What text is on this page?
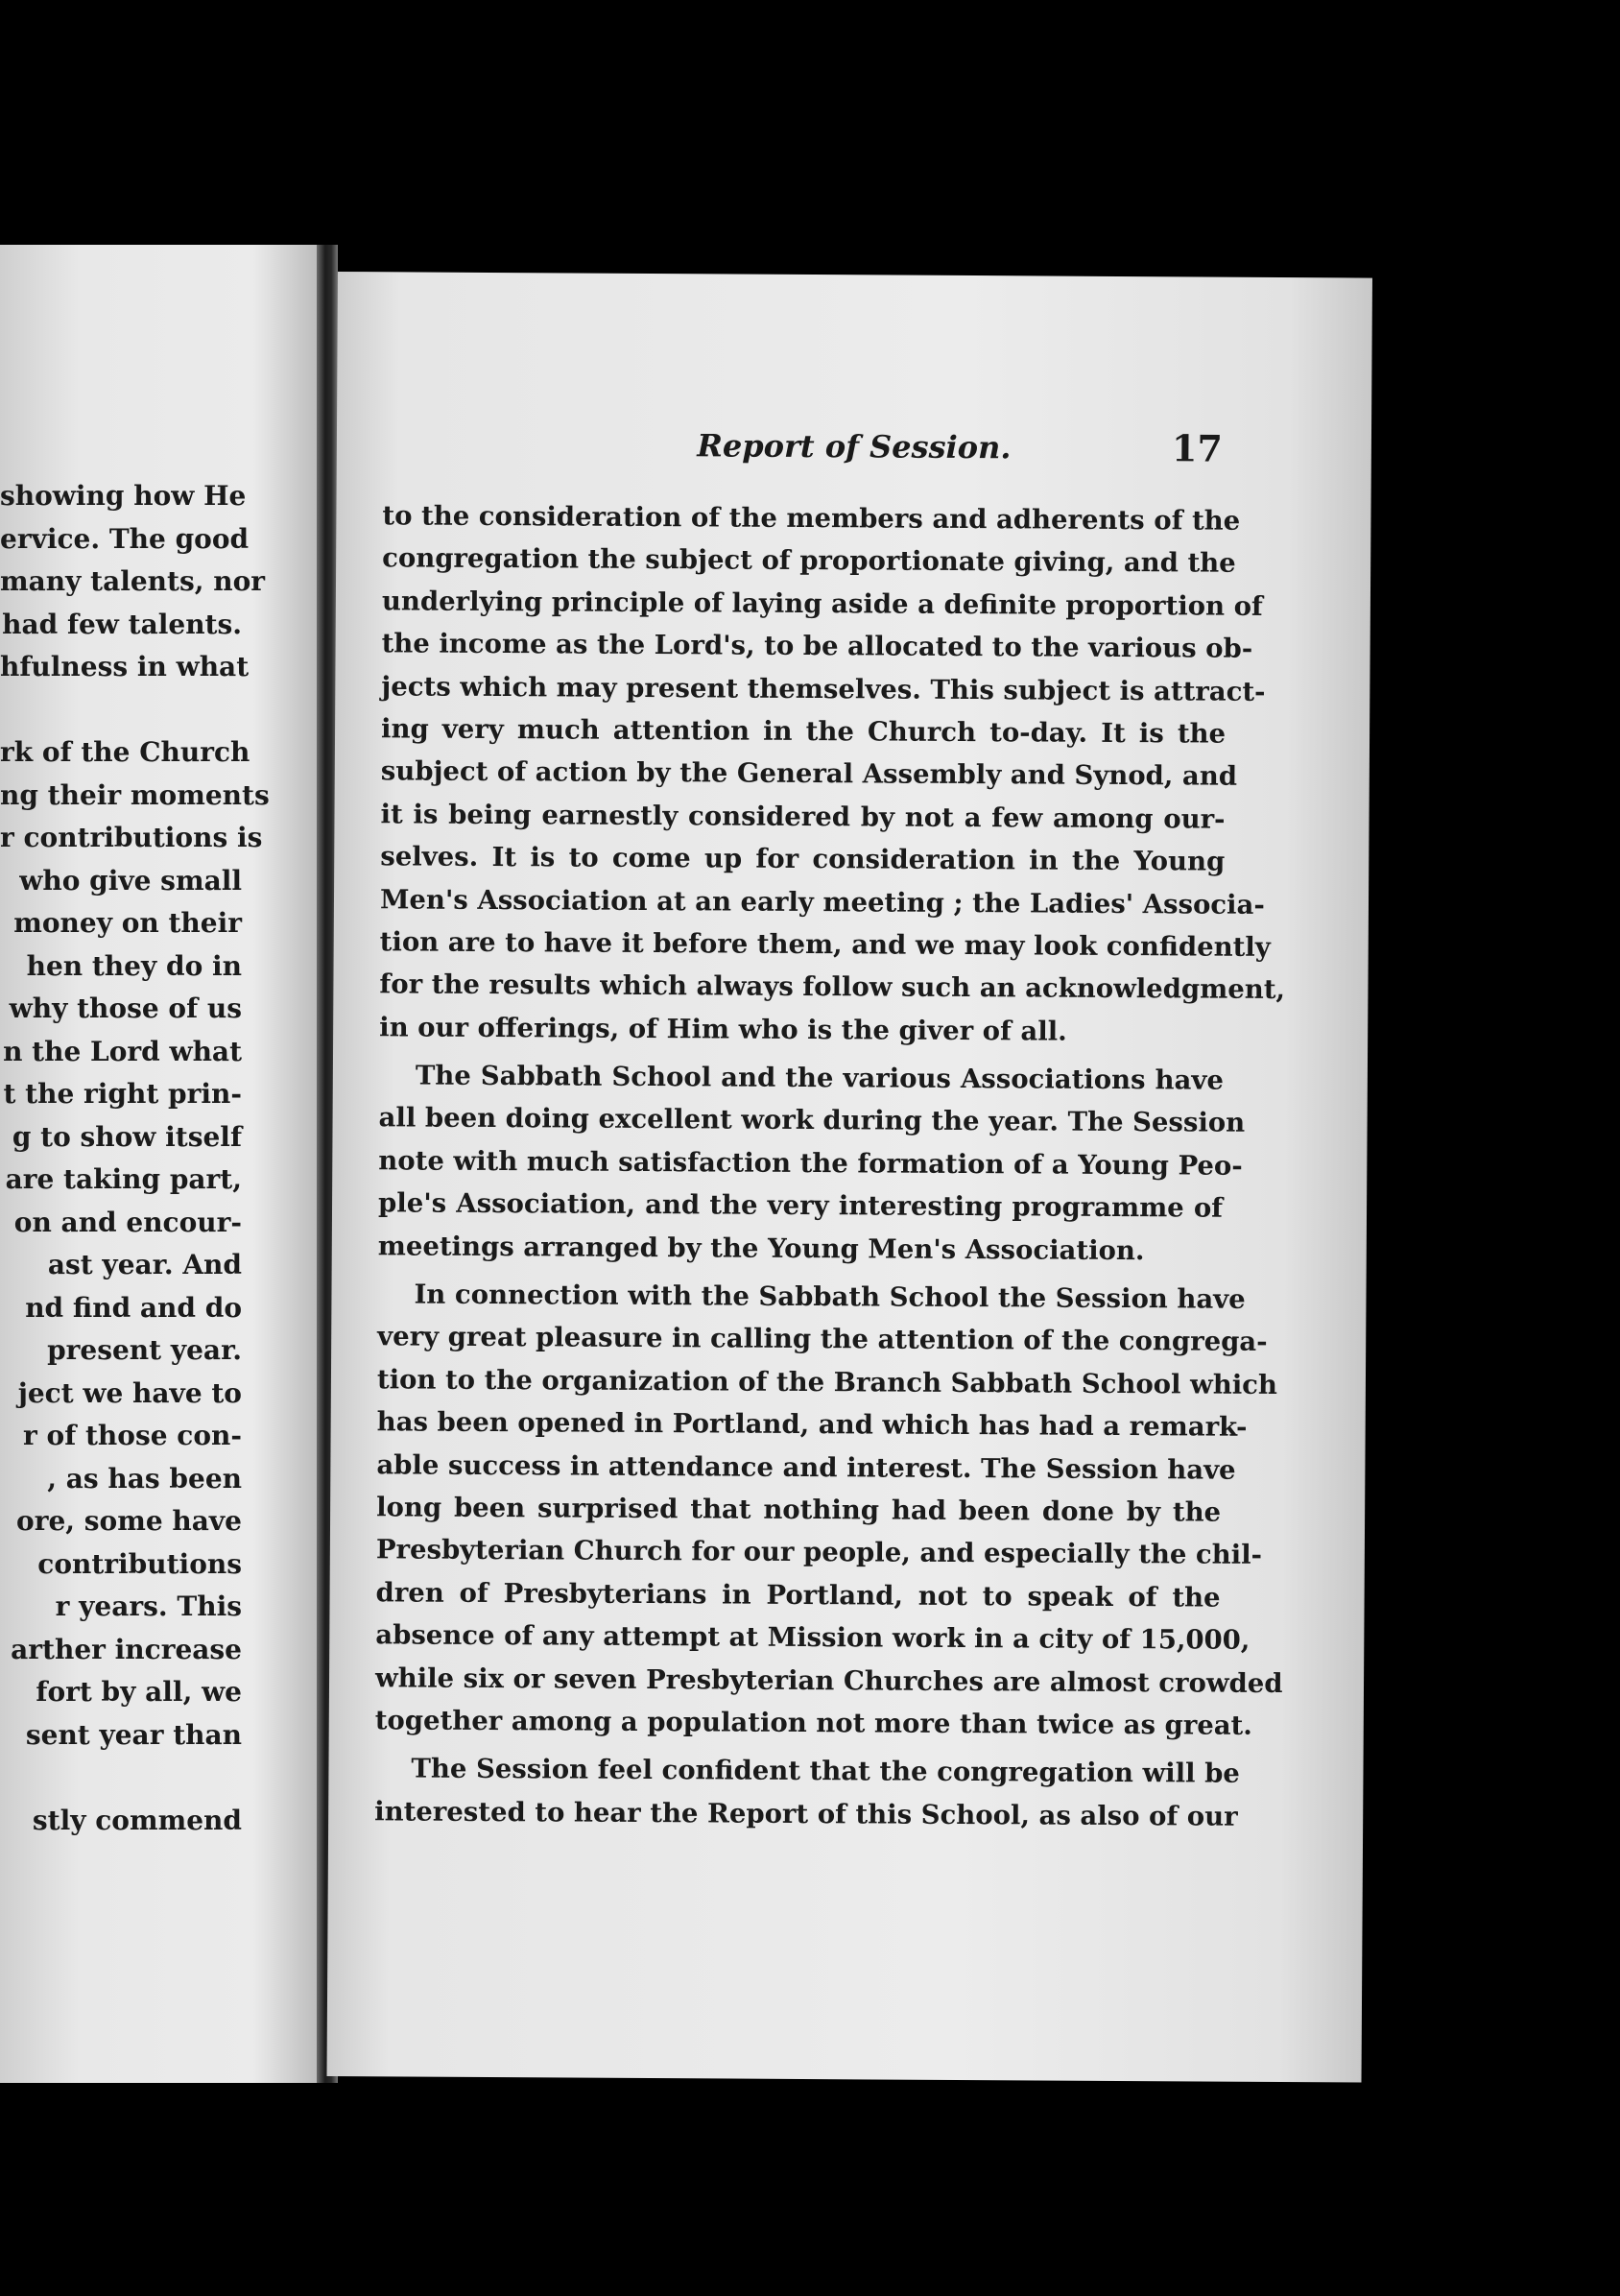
showing how He
ervice. The good
many talents, nor
had few talents.
hfulness in what
rk of the Church
ng their moments
r contributions is
who give small
money on their
hen they do in
why those of us
n the Lord what
t the right prin-
g to show itself
are taking part,
on and encour-
ast year. And
nd find and do
present year.
ject we have to
r of those con-
, as has been
ore, some have
contributions
r years. This
arther increase
fort by all, we
sent year than
stly commend
Report of Session.	17
to the consideration of the members and adherents of the
congregation the subject of proportionate giving, and the
underlying principle of laying aside a definite proportion of
the income as the Lord's, to be allocated to the various ob-
jects which may present themselves. This subject is attract-
ing very much attention in the Church to-day. It is the
subject of action by the General Assembly and Synod, and
it is being earnestly considered by not a few among our-
selves. It is to come up for consideration in the Young
Men's Association at an early meeting ; the Ladies' Associa-
tion are to have it before them, and we may look confidently
for the results which always follow such an acknowledgment,
in our offerings, of Him who is the giver of all.
The Sabbath School and the various Associations have
all been doing excellent work during the year. The Session
note with much satisfaction the formation of a Young Peo-
ple's Association, and the very interesting programme of
meetings arranged by the Young Men's Association.
In connection with the Sabbath School the Session have
very great pleasure in calling the attention of the congrega-
tion to the organization of the Branch Sabbath School which
has been opened in Portland, and which has had a remark-
able success in attendance and interest. The Session have
long been surprised that nothing had been done by the
Presbyterian Church for our people, and especially the chil-
dren of Presbyterians in Portland, not to speak of the
absence of any attempt at Mission work in a city of 15,000,
while six or seven Presbyterian Churches are almost crowded
together among a population not more than twice as great.
The Session feel confident that the congregation will be
interested to hear the Report of this School, as also of our
